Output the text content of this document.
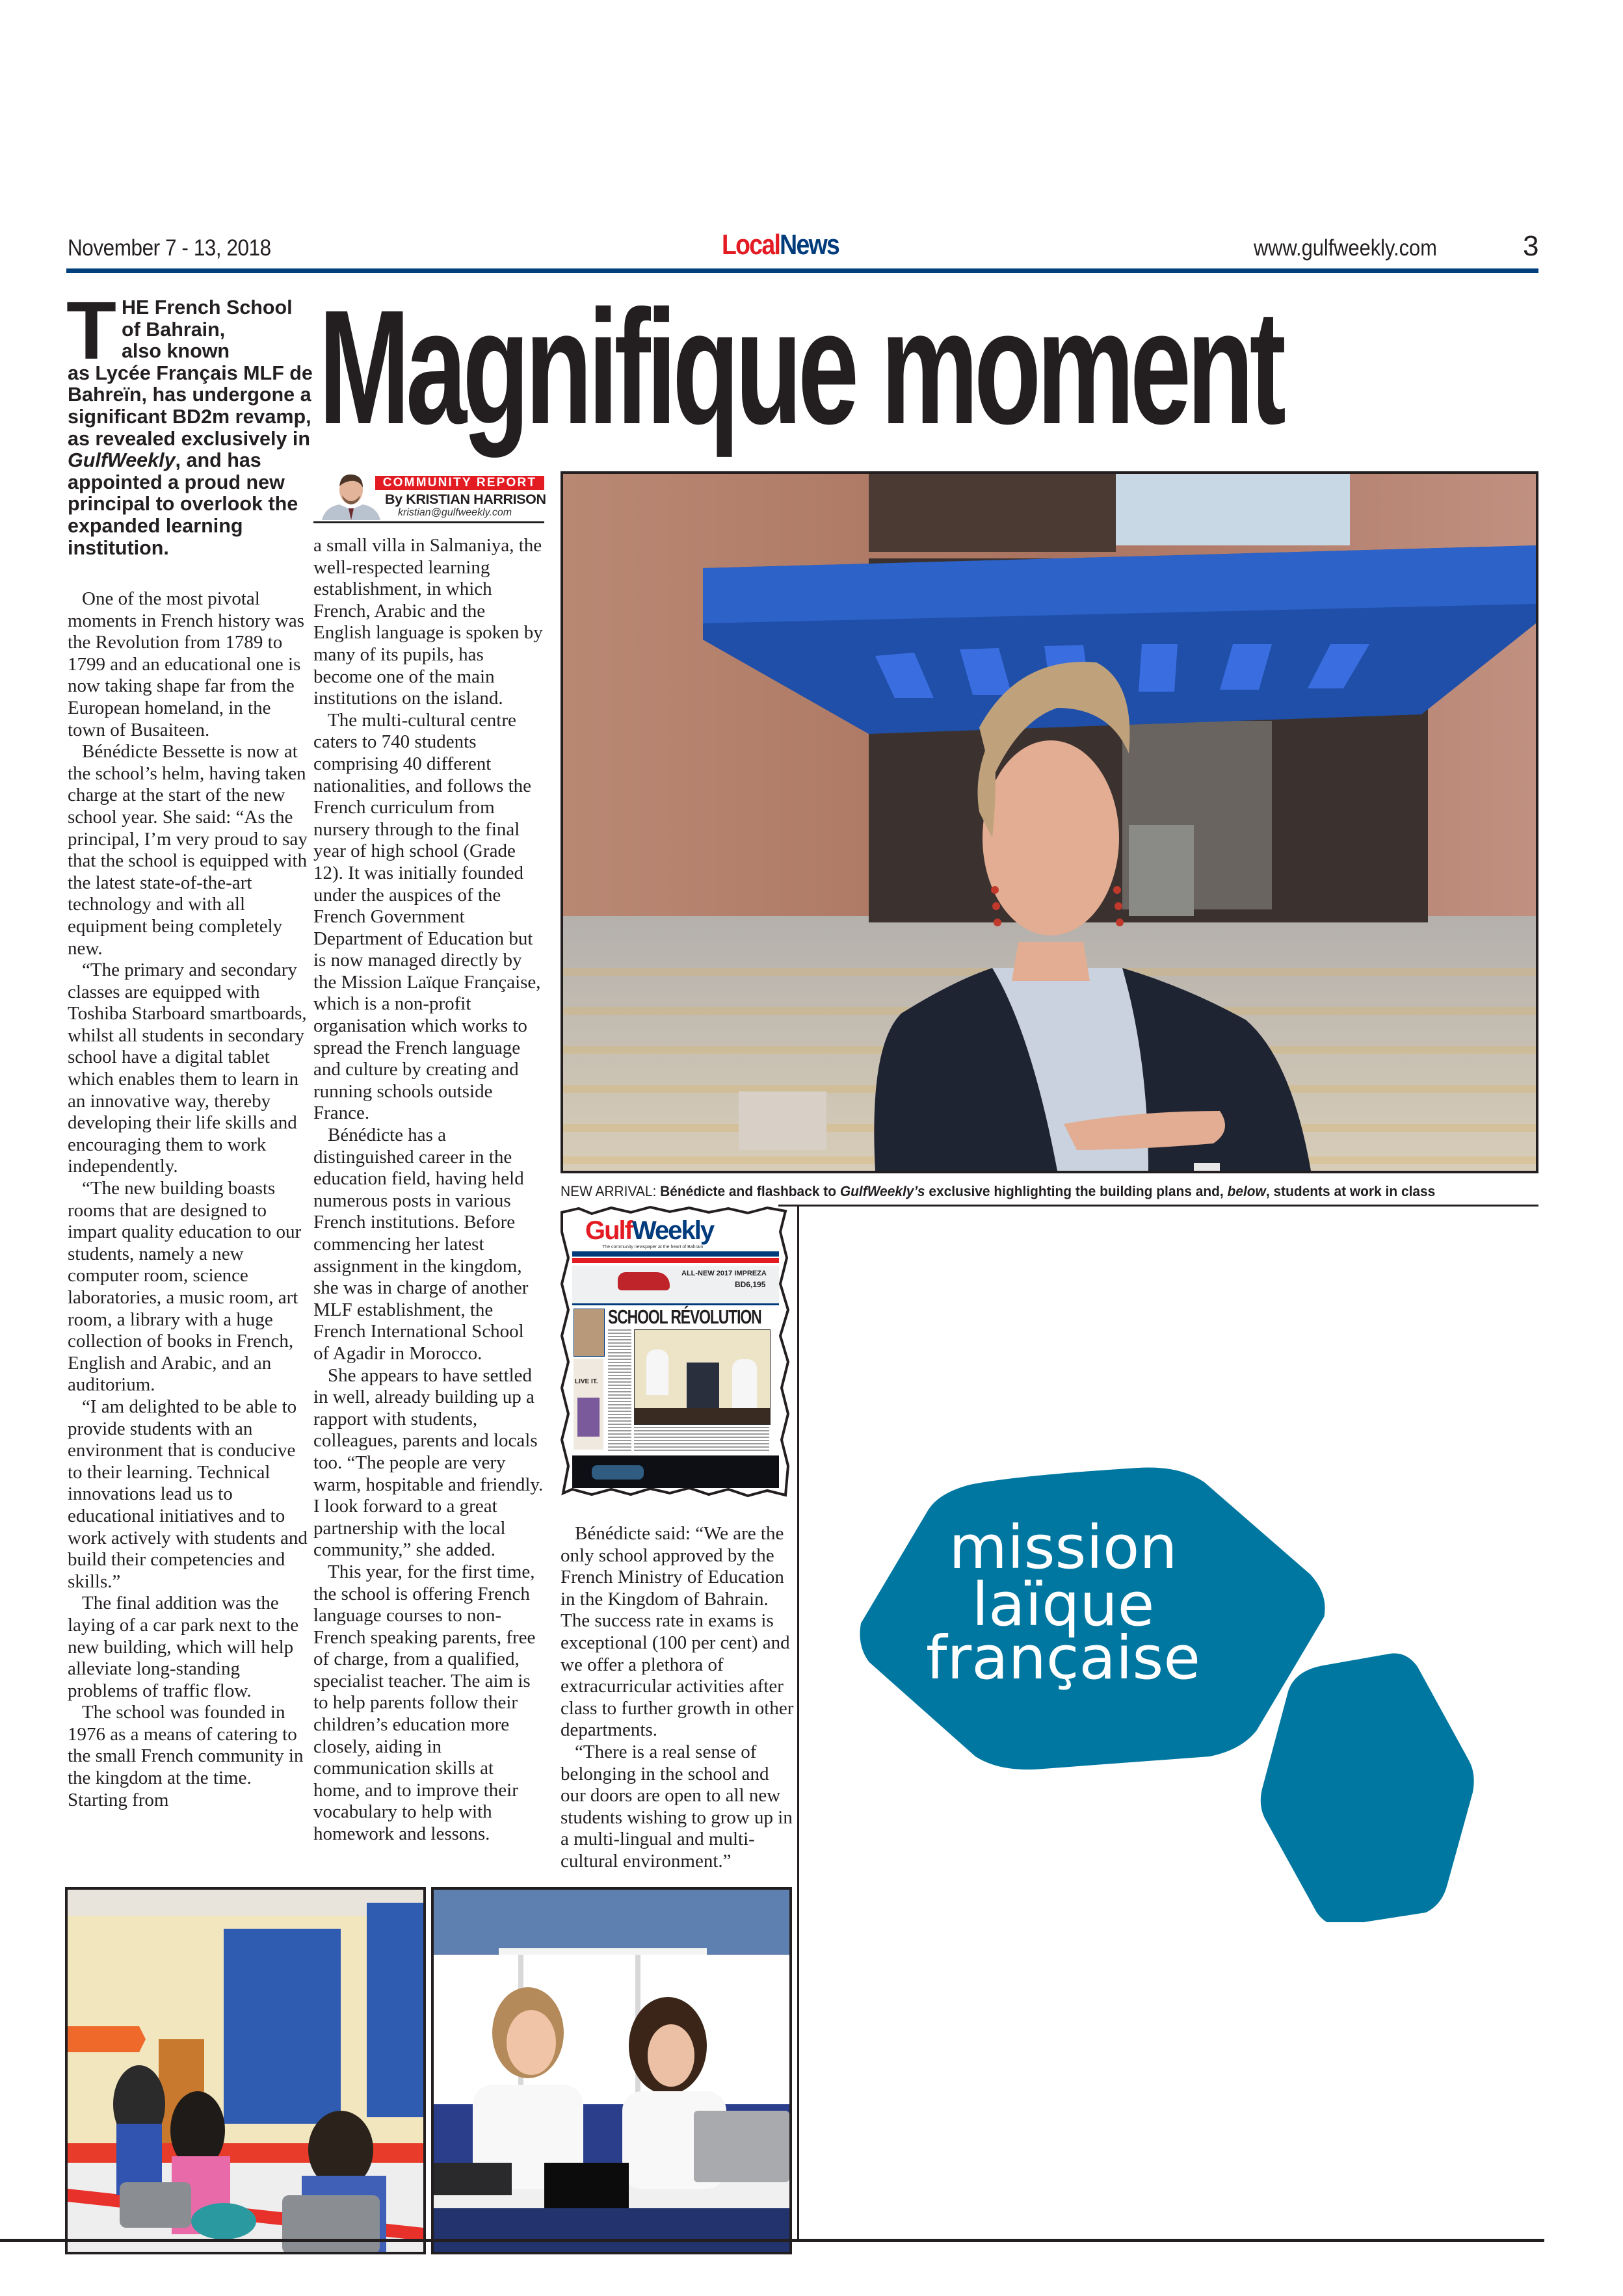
November 7 - 13, 2018	LocalNews	www.gulfweekly.com	3
Magnifique moment
T HE French School
of Bahrain,
also known
as Lycée Français MLF de Bahreïn, has undergone a significant BD2m revamp, as revealed exclusively in GulfWeekly, and has appointed a proud new principal to overlook the expanded learning institution.

One of the most pivotal moments in French history was the Revolution from 1789 to 1799 and an educational one is now taking shape far from the European homeland, in the town of Busaiteen.

Bénédicte Bessette is now at the school’s helm, having taken charge at the start of the new school year. She said: “As the principal, I’m very proud to say that the school is equipped with the latest state-of-the-art technology and with all equipment being completely new.

“The primary and secondary classes are equipped with Toshiba Starboard smartboards, whilst all students in secondary school have a digital tablet which enables them to learn in an innovative way, thereby developing their life skills and encouraging them to work independently.

“The new building boasts rooms that are designed to impart quality education to our students, namely a new computer room, science laboratories, a music room, art room, a library with a huge collection of books in French, English and Arabic, and an auditorium.

“I am delighted to be able to provide students with an environment that is conducive to their learning. Technical innovations lead us to educational initiatives and to work actively with students and build their competencies and skills.”

The final addition was the laying of a car park next to the new building, which will help alleviate long-standing problems of traffic flow.

The school was founded in 1976 as a means of catering to the small French community in the kingdom at the time. Starting from

COMMUNITY REPORT
By KRISTIAN HARRISON
kristian@gulfweekly.com

a small villa in Salmaniya, the well-respected learning establishment, in which French, Arabic and the English language is spoken by many of its pupils, has become one of the main institutions on the island.

The multi-cultural centre caters to 740 students comprising 40 different nationalities, and follows the French curriculum from nursery through to the final year of high school (Grade 12). It was initially founded under the auspices of the French Government Department of Education but is now managed directly by the Mission Laïque Française, which is a non-profit organisation which works to spread the French language and culture by creating and running schools outside France.

Bénédicte has a distinguished career in the education field, having held numerous posts in various French institutions. Before commencing her latest assignment in the kingdom, she was in charge of another MLF establishment, the French International School of Agadir in Morocco.

She appears to have settled in well, already building up a rapport with students, colleagues, parents and locals too. “The people are very warm, hospitable and friendly. I look forward to a great partnership with the local community,” she added.

This year, for the first time, the school is offering French language courses to non-French speaking parents, free of charge, from a qualified, specialist teacher. The aim is to help parents follow their children’s education more closely, aiding in communication skills at home, and to improve their vocabulary to help with homework and lessons.

NEW ARRIVAL: Bénédicte and flashback to GulfWeekly’s exclusive highlighting the building plans and, below, students at work in class
GulfWeekly
The community newspaper at the heart of Bahrain
ALL-NEW 2017 IMPREZA
BD6,195
SCHOOL RÉVOLUTION
LIVE IT.

Bénédicte said: “We are the only school approved by the French Ministry of Education in the Kingdom of Bahrain. The success rate in exams is exceptional (100 per cent) and we offer a plethora of extracurricular activities after class to further growth in other departments.

“There is a real sense of belonging in the school and our doors are open to all new students wishing to grow up in a multi-lingual and multi-cultural environment.”

mission
laïque
française
